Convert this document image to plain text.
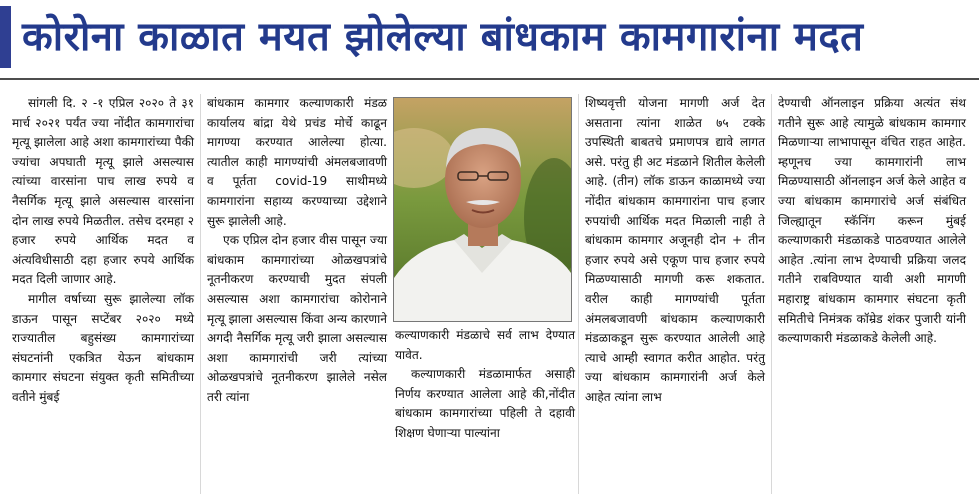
कोरोना काळात मयत झोलेल्या बांधकाम कामगारांना मदत

सांगली दि. २ -१ एप्रिल २०२० ते ३१ मार्च २०२१ पर्यंत ज्या नोंदीत कामगारांचा मृत्यू झालेला आहे अशा कामगारांच्या पैकी ज्यांचा अपघाती मृत्यू झाले असल्यास त्यांच्या वारसांना पाच लाख रुपये व नैसर्गिक मृत्यू झाले असल्यास वारसांना दोन लाख रुपये मिळतील. तसेच दरमहा २ हजार रुपये आर्थिक मदत व अंत्यविधीसाठी दहा हजार रुपये आर्थिक मदत दिली जाणार आहे.

मागील वर्षाच्या सुरू झालेल्या लॉक डाऊन पासून सप्टेंबर २०२० मध्ये राज्यातील बहुसंख्य कामगारांच्या संघटनांनी एकत्रित येऊन बांधकाम कामगार संघटना संयुक्त कृती समितीच्या वतीने मुंबई

बांधकाम कामगार कल्याणकारी मंडळ कार्यालय बांद्रा येथे प्रचंड मोर्चे काढून मागण्या करण्यात आलेल्या होत्या. त्यातील काही मागण्यांची अंमलबजावणी व पूर्तता covid-19 साथीमध्ये कामगारांना सहाय्य करण्याच्या उद्देशाने सुरू झालेली आहे.

एक एप्रिल दोन हजार वीस पासून ज्या बांधकाम कामगारांच्या ओळखपत्रांचे नूतनीकरण करण्याची मुदत संपली असल्यास अशा कामगारांचा कोरोनाने मृत्यू झाला असल्यास किंवा अन्य कारणाने अगदी नैसर्गिक मृत्यू जरी झाला असल्यास अशा कामगारांची जरी त्यांच्या ओळखपत्रांचे नूतनीकरण झालेले नसेल तरी त्यांना

कल्याणकारी मंडळाचे सर्व लाभ देण्यात यावेत.

कल्याणकारी मंडळामार्फत असाही निर्णय करण्यात आलेला आहे की,नोंदीत बांधकाम कामगारांच्या पहिली ते दहावी शिक्षण घेणाऱ्या पाल्यांना

शिष्यवृत्ती योजना मागणी अर्ज देत असताना त्यांना शाळेत ७५ टक्के उपस्थिती बाबतचे प्रमाणपत्र द्यावे लागत असे. परंतु ही अट मंडळाने शितील केलेली आहे. (तीन) लॉक डाऊन काळामध्ये ज्या नोंदीत बांधकाम कामगारांना पाच हजार रुपयांची आर्थिक मदत मिळाली नाही ते बांधकाम कामगार अजूनही दोन + तीन हजार रुपये असे एकूण पाच हजार रुपये मिळण्यासाठी मागणी करू शकतात. वरील काही मागण्यांची पूर्तता अंमलबजावणी बांधकाम कल्याणकारी मंडळाकडून सुरू करण्यात आलेली आहे त्याचे आम्ही स्वागत करीत आहोत. परंतु ज्या बांधकाम कामगारांनी अर्ज केले आहेत त्यांना लाभ

देण्याची ऑनलाइन प्रक्रिया अत्यंत संथ गतीने सुरू आहे त्यामुळे बांधकाम कामगार मिळणाऱ्या लाभापासून वंचित राहत आहेत. म्हणूनच ज्या कामगारांनी लाभ मिळण्यासाठी ऑनलाइन अर्ज केले आहेत व ज्या बांधकाम कामगारांचे अर्ज संबंधित जिल्ह्यातून स्कॅनिंग करून मुंबई कल्याणकारी मंडळाकडे पाठवण्यात आलेले आहेत .त्यांना लाभ देण्याची प्रक्रिया जलद गतीने राबविण्यात यावी अशी मागणी महाराष्ट्र बांधकाम कामगार संघटना कृती समितीचे निमंत्रक कॉम्रेड शंकर पुजारी यांनी कल्याणकारी मंडळाकडे केलेली आहे.
